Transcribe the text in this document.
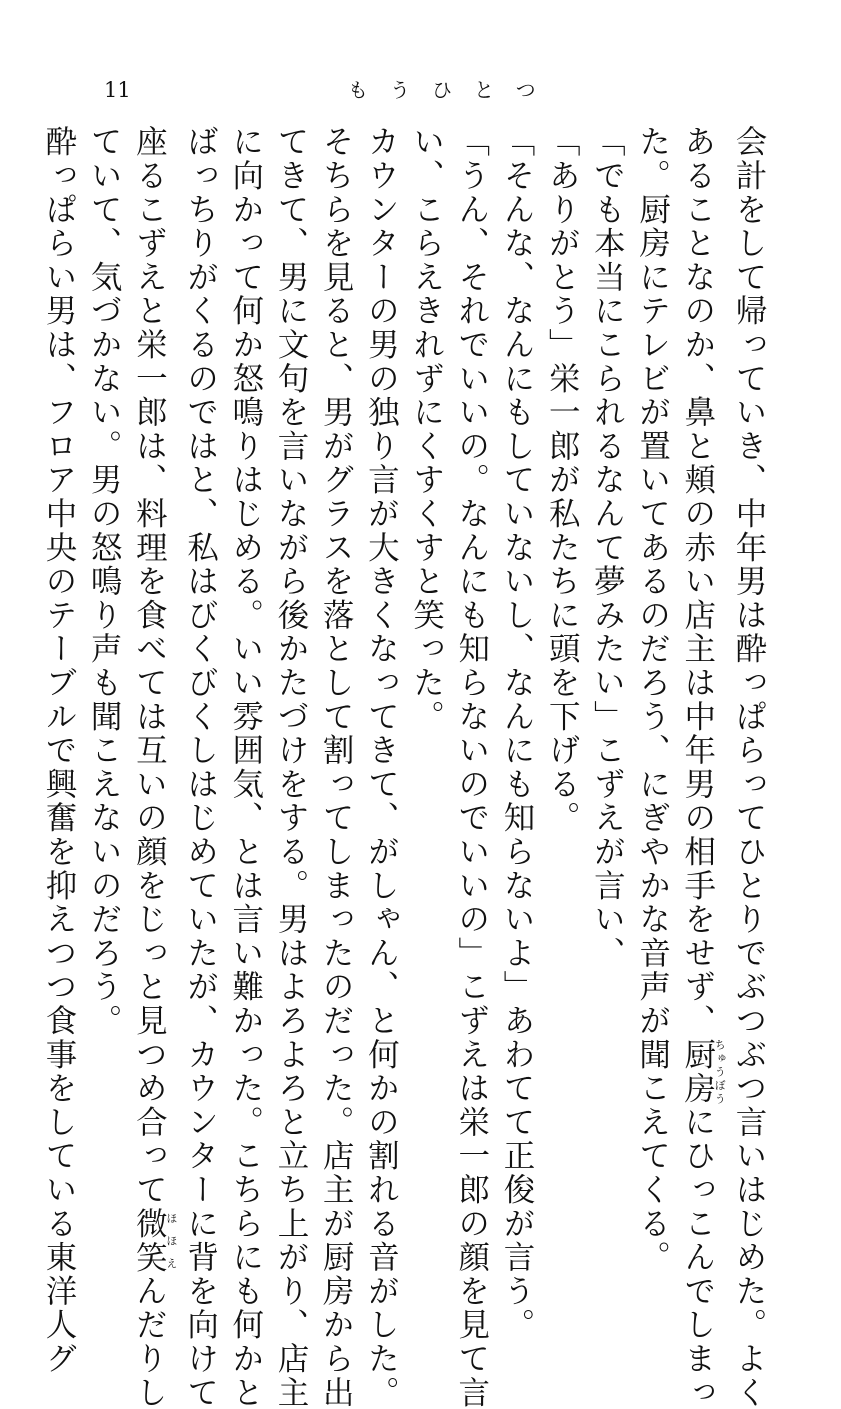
11	もうひとつ
会計をして帰っていき、中年男は酔っぱらってひとりでぶつぶつ言いはじめた。よく
あることなのか、鼻と頬の赤い店主は中年男の相手をせず、厨房ちゅうぼうにひっこんでしまっ
た。厨房にテレビが置いてあるのだろう、にぎやかな音声が聞こえてくる。
「でも本当にこられるなんて夢みたい」こずえが言い、
「ありがとう」栄一郎が私たちに頭を下げる。
「そんな、なんにもしていないし、なんにも知らないよ」あわてて正俊が言う。
「うん、それでいいの。なんにも知らないのでいいの」こずえは栄一郎の顔を見て言
い、こらえきれずにくすくすと笑った。
カウンターの男の独り言が大きくなってきて、がしゃん、と何かの割れる音がした。
そちらを見ると、男がグラスを落として割ってしまったのだった。店主が厨房から出
てきて、男に文句を言いながら後かたづけをする。男はよろよろと立ち上がり、店主
に向かって何か怒鳴りはじめる。いい雰囲気、とは言い難かった。こちらにも何かと
ばっちりがくるのではと、私はびくびくしはじめていたが、カウンターに背を向けて
座るこずえと栄一郎は、料理を食べては互いの顔をじっと見つめ合って微笑ほほえんだりし
ていて、気づかない。男の怒鳴り声も聞こえないのだろう。
酔っぱらい男は、フロア中央のテーブルで興奮を抑えつつ食事をしている東洋人グ
